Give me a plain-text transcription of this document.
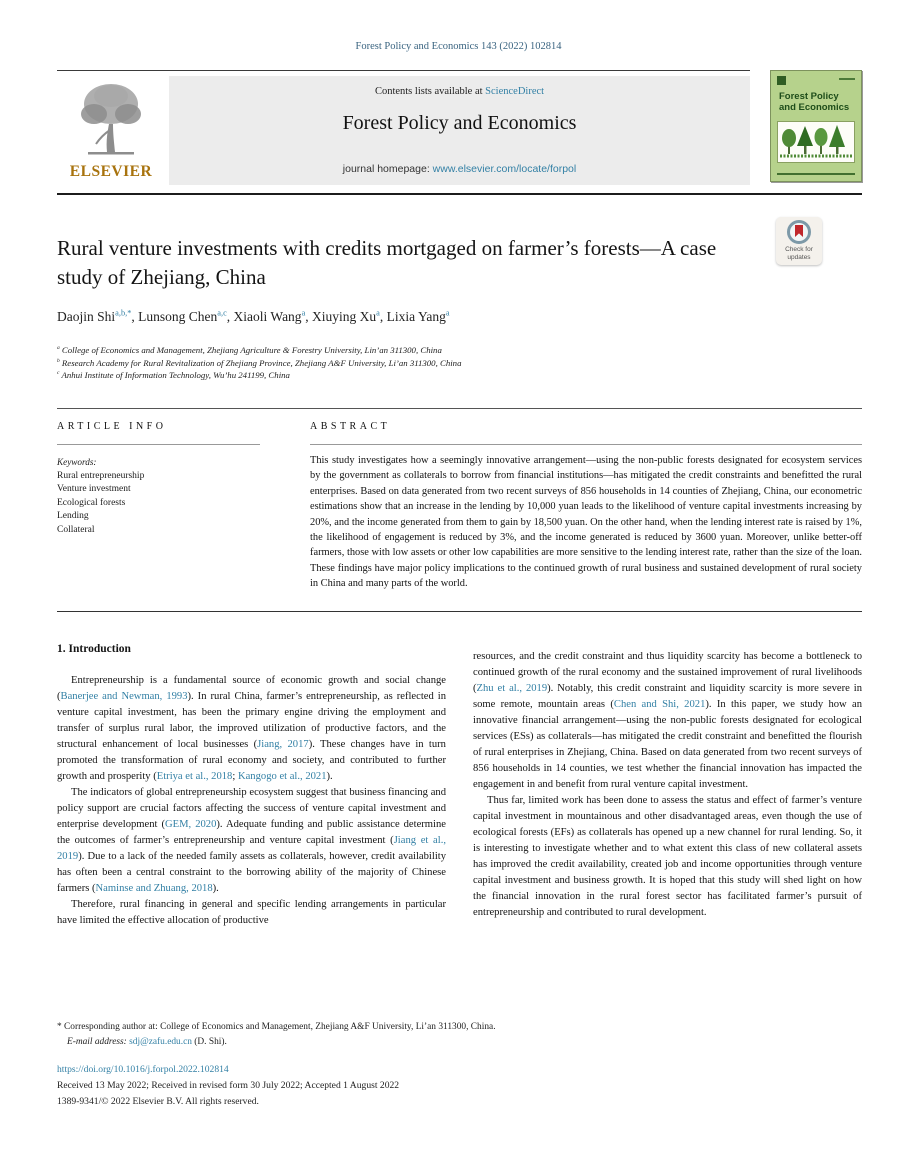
Forest Policy and Economics 143 (2022) 102814
ELSEVIER
Contents lists available at ScienceDirect
Forest Policy and Economics
journal homepage: www.elsevier.com/locate/forpol
Forest Policy and Economics
Rural venture investments with credits mortgaged on farmer’s forests—A case study of Zhejiang, China
Check for updates
Daojin Shi$^{a,b,*}$, Lunsong Chen$^{a,c}$, Xiaoli Wang$^a$, Xiuying Xu$^a$, Lixia Yang$^a$
$^a$ College of Economics and Management, Zhejiang Agriculture & Forestry University, Lin’an 311300, China
$^b$ Research Academy for Rural Revitalization of Zhejiang Province, Zhejiang A&F University, Li’an 311300, China
$^c$ Anhui Institute of Information Technology, Wu’hu 241199, China
ARTICLE INFO	ABSTRACT
Keywords:
Rural entrepreneurship
Venture investment
Ecological forests
Lending
Collateral
This study investigates how a seemingly innovative arrangement—using the non-public forests designated for ecosystem services by the government as collaterals to borrow from financial institutions—has mitigated the credit constraints and benefitted the rural enterprises. Based on data generated from two recent surveys of 856 households in 14 counties of Zhejiang, China, our econometric estimations show that an increase in the lending by 10,000 yuan leads to the likelihood of venture capital investments increasing by 20%, and the income generated from them to gain by 18,500 yuan. On the other hand, when the lending interest rate is raised by 1%, the likelihood of engagement is reduced by 3%, and the income generated is reduced by 3600 yuan. Moreover, unlike better-off farmers, those with low assets or other low capabilities are more sensitive to the lending interest rate, rather than the size of the loan. These findings have major policy implications to the continued growth of rural business and sustained development of rural society in China and many parts of the world.
1. Introduction

Entrepreneurship is a fundamental source of economic growth and social change (Banerjee and Newman, 1993). In rural China, farmer’s entrepreneurship, as reflected in venture capital investment, has been the primary engine driving the employment and transfer of surplus rural labor, the improved utilization of productive factors, and the structural enhancement of local businesses (Jiang, 2017). These changes have in turn promoted the transformation of rural economy and society, and contributed to further growth and prosperity (Etriya et al., 2018; Kangogo et al., 2021).

The indicators of global entrepreneurship ecosystem suggest that business financing and policy support are crucial factors affecting the success of venture capital investment and enterprise development (GEM, 2020). Adequate funding and public assistance determine the outcomes of farmer’s entrepreneurship and venture capital investment (Jiang et al., 2019). Due to a lack of the needed family assets as collaterals, however, credit availability has often been a central constraint to the borrowing ability of the majority of Chinese farmers (Naminse and Zhuang, 2018).

Therefore, rural financing in general and specific lending arrangements in particular have limited the effective allocation of productive

resources, and the credit constraint and thus liquidity scarcity has become a bottleneck to continued growth of the rural economy and the sustained improvement of rural livelihoods (Zhu et al., 2019). Notably, this credit constraint and liquidity scarcity is more severe in some remote, mountain areas (Chen and Shi, 2021). In this paper, we study how an innovative financial arrangement—using the non-public forests designated for ecological services (ESs) as collaterals—has mitigated the credit constraint and benefitted the flourish of rural enterprises in Zhejiang, China. Based on data generated from two recent surveys of 856 households in 14 counties, we test whether the financial innovation has impacted the engagement in and benefit from rural venture capital investment.

Thus far, limited work has been done to assess the status and effect of farmer’s venture capital investment in mountainous and other disadvantaged areas, even though the use of ecological forests (EFs) as collaterals has opened up a new channel for rural lending. So, it is interesting to investigate whether and to what extent this class of new collateral assets has improved the credit availability, created job and income opportunities through venture capital investment and business growth. It is hoped that this study will shed light on how the financial innovation in the rural forest sector has facilitated farmer’s pursuit of entrepreneurship and contributed to rural development.

* Corresponding author at: College of Economics and Management, Zhejiang A&F University, Li’an 311300, China.
E-mail address: sdj@zafu.edu.cn (D. Shi).
https://doi.org/10.1016/j.forpol.2022.102814
Received 13 May 2022; Received in revised form 30 July 2022; Accepted 1 August 2022
1389-9341/© 2022 Elsevier B.V. All rights reserved.
